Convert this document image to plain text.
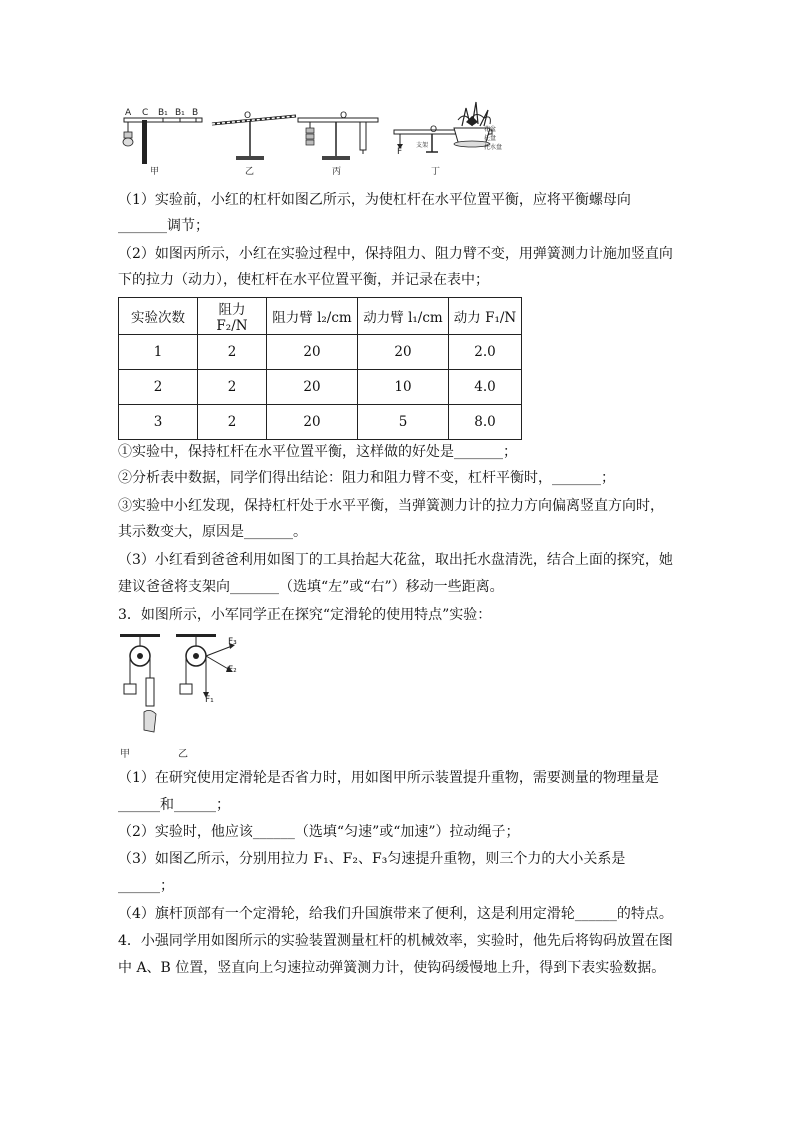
A C B₁ B₁ B
甲
O
乙
O
丙
O
F
支架
花盆
托盘
托水盘
丁
（1）实验前，小红的杠杆如图乙所示，为使杠杆在水平位置平衡，应将平衡螺母向
_______调节；
（2）如图丙所示，小红在实验过程中，保持阻力、阻力臂不变，用弹簧测力计施加竖直向
下的拉力（动力），使杠杆在水平位置平衡，并记录在表中；
实验次数	阻力 F₂/N	阻力臂 l₂/cm	动力臂 l₁/cm	动力 F₁/N
1	2	20	20	2.0
2	2	20	10	4.0
3	2	20	5	8.0
①实验中，保持杠杆在水平位置平衡，这样做的好处是_______；
②分析表中数据，同学们得出结论：阻力和阻力臂不变，杠杆平衡时，_______；
③实验中小红发现，保持杠杆处于水平平衡，当弹簧测力计的拉力方向偏离竖直方向时，
其示数变大，原因是_______。
（3）小红看到爸爸利用如图丁的工具抬起大花盆，取出托水盘清洗，结合上面的探究，她
建议爸爸将支架向_______（选填“左”或“右”）移动一些距离。
3．如图所示，小军同学正在探究“定滑轮的使用特点”实验：
F₃
F₂
F₁
甲	乙
（1）在研究使用定滑轮是否省力时，用如图甲所示装置提升重物，需要测量的物理量是
______和______；
（2）实验时，他应该______（选填“匀速”或“加速”）拉动绳子；
（3）如图乙所示，分别用拉力 F₁、F₂、F₃匀速提升重物，则三个力的大小关系是
______；
（4）旗杆顶部有一个定滑轮，给我们升国旗带来了便利，这是利用定滑轮______的特点。
4．小强同学用如图所示的实验装置测量杠杆的机械效率，实验时，他先后将钩码放置在图
中 A、B 位置，竖直向上匀速拉动弹簧测力计，使钩码缓慢地上升，得到下表实验数据。
